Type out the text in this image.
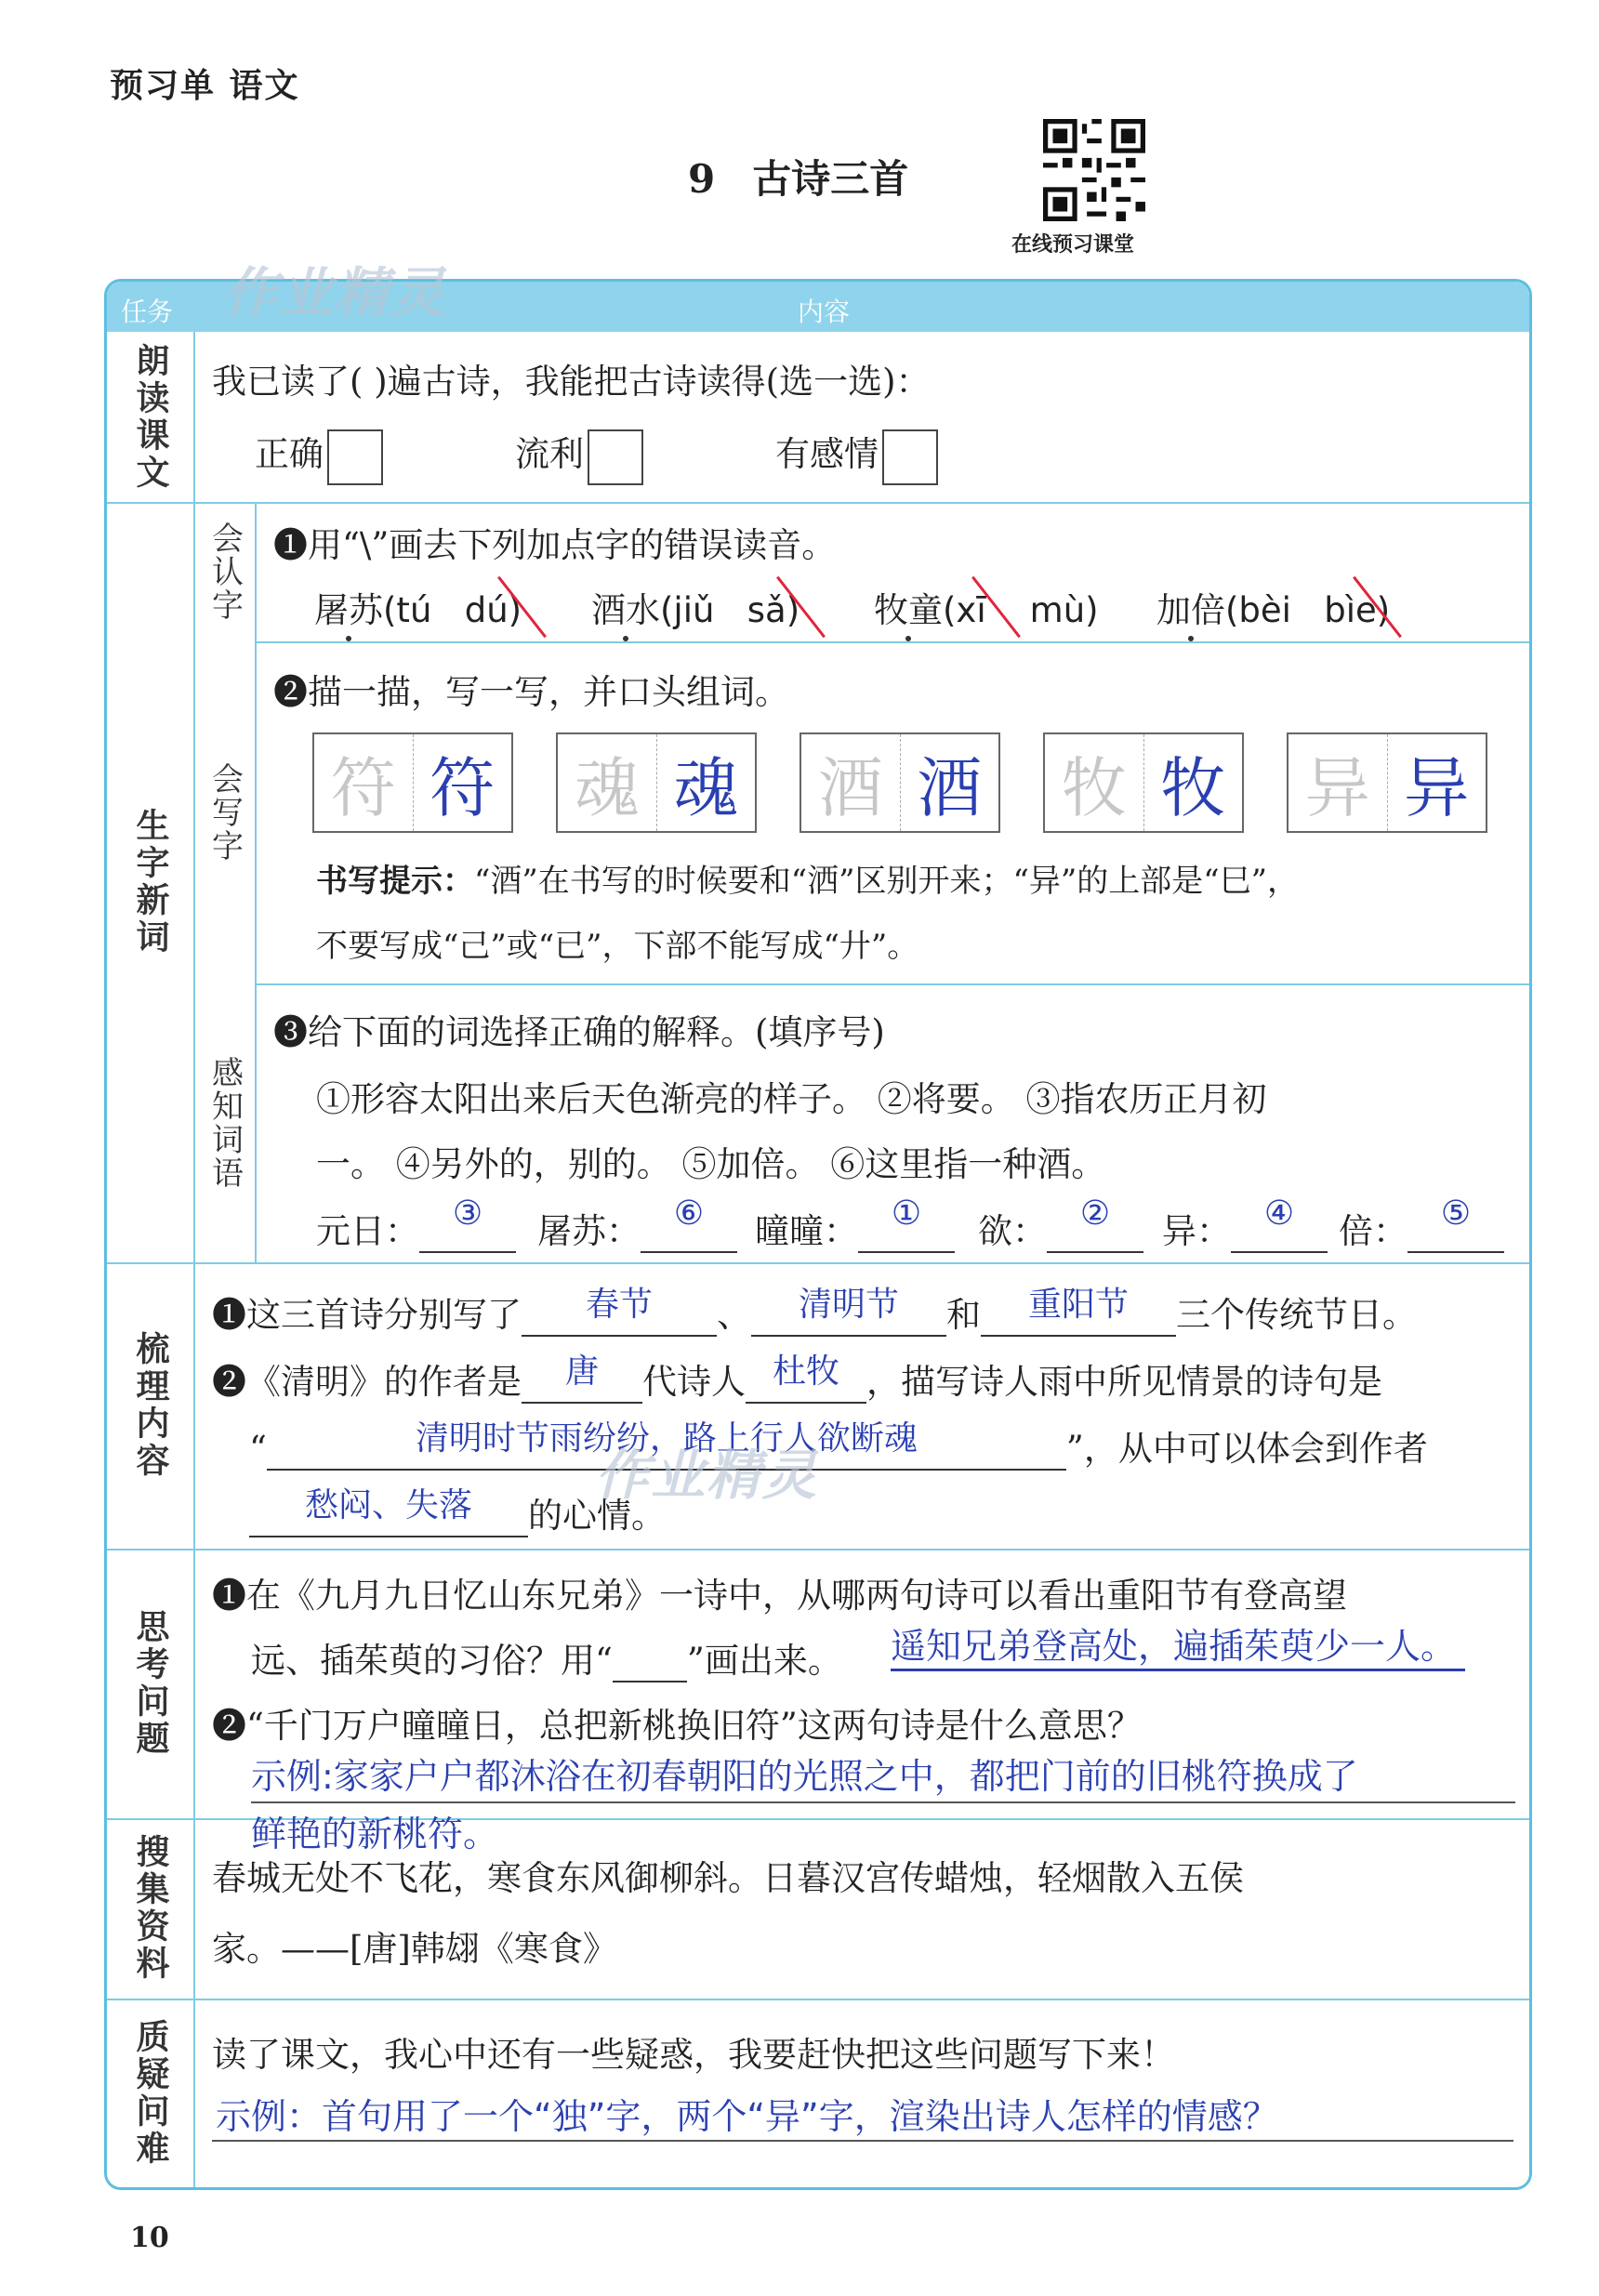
预习单 语文
9 古诗三首
在线预习课堂
任务	内容
作业精灵
朗读课文 我已读了( )遍古诗，我能把古诗读得(选一选)：
正确	流利	有感情
生字新词
会认字 ❶用“\”画去下列加点字的错误读音。
屠苏(tú dú) 酒水(jiǔ sǎ) 牧童(xī mù) 加倍(bèi bìe)
会写字
❷描一描，写一写，并口头组词。
符 符 魂 魂 酒 酒 牧 牧 异 异
书写提示：“酒”在书写的时候要和“洒”区别开来；“异”的上部是“巳”，
不要写成“己”或“已”，下部不能写成“廾”。
感知词语
❸给下面的词选择正确的解释。(填序号)
①形容太阳出来后天色渐亮的样子。 ②将要。 ③指农历正月初
一。 ④另外的，别的。 ⑤加倍。 ⑥这里指一种酒。
元日： ③
	屠苏： ⑥
	曈曈： ①
	欲： ②
	异： ④
	倍： ⑤

梳理内容
❶这三首诗分别写了	春节	、	清明节	和	重阳节	三个传统节日。
❷《清明》的作者是	唐	代诗人 杜牧 ，描写诗人雨中所见情景的诗句是
“	清明时节雨纷纷，路上行人欲断魂	”，从中可以体会到作者
愁闷、失落	的心情。
作业精灵
思考问题
❶在《九月九日忆山东兄弟》一诗中，从哪两句诗可以看出重阳节有登高望
远、插茱萸的习俗？用“ ”画出来。 遥知兄弟登高处，遍插茱萸少一人。
❷“千门万户曈曈日，总把新桃换旧符”这两句诗是什么意思？
示例:家家户户都沐浴在初春朝阳的光照之中，都把门前的旧桃符换成了
鲜艳的新桃符。
搜集资料 春城无处不飞花，寒食东风御柳斜。日暮汉宫传蜡烛，轻烟散入五侯
家。——[唐]韩翃《寒食》
质疑问难 读了课文，我心中还有一些疑惑，我要赶快把这些问题写下来！
示例：首句用了一个“独”字，两个“异”字，渲染出诗人怎样的情感？
10
